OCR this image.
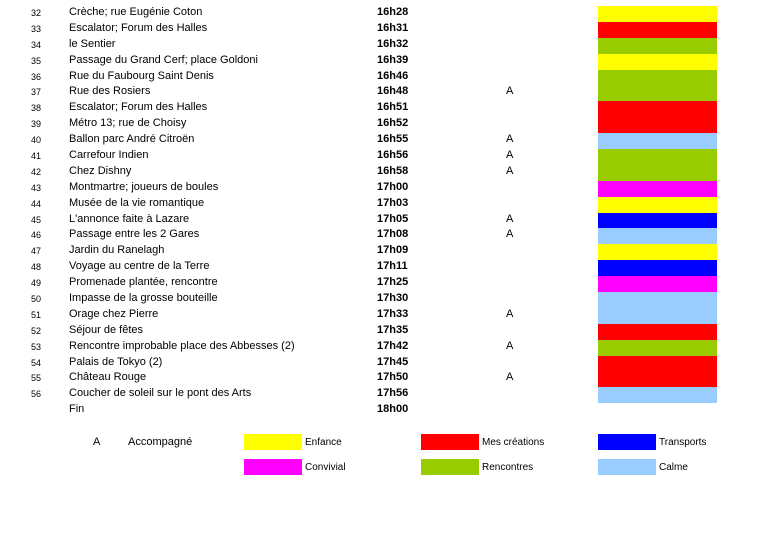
32	Crèche; rue Eugénie Coton	16h28
33	Escalator; Forum des Halles	16h31
34	le Sentier	16h32
35	Passage du Grand Cerf; place Goldoni	16h39
36	Rue du Faubourg Saint Denis	16h46
37	Rue des Rosiers	16h48	A
38	Escalator; Forum des Halles	16h51
39	Métro 13; rue de Choisy	16h52
40	Ballon parc André Citroën	16h55	A
41	Carrefour Indien	16h56	A
42	Chez Dishny	16h58	A
43	Montmartre; joueurs de boules	17h00
44	Musée de la vie romantique	17h03
45	L'annonce faite à Lazare	17h05	A
46	Passage entre les 2 Gares	17h08	A
47	Jardin du Ranelagh	17h09
48	Voyage au centre de la Terre	17h11
49	Promenade plantée, rencontre	17h25
50	Impasse de la grosse bouteille	17h30
51	Orage chez Pierre	17h33	A
52	Séjour de fêtes	17h35
53	Rencontre improbable place des Abbesses (2)	17h42	A
54	Palais de Tokyo (2)	17h45
55	Château Rouge	17h50	A
56	Coucher de soleil sur le pont des Arts	17h56
Fin	18h00
A	Accompagné	Enfance	Mes créations	Transports
Convivial	Rencontres	Calme
